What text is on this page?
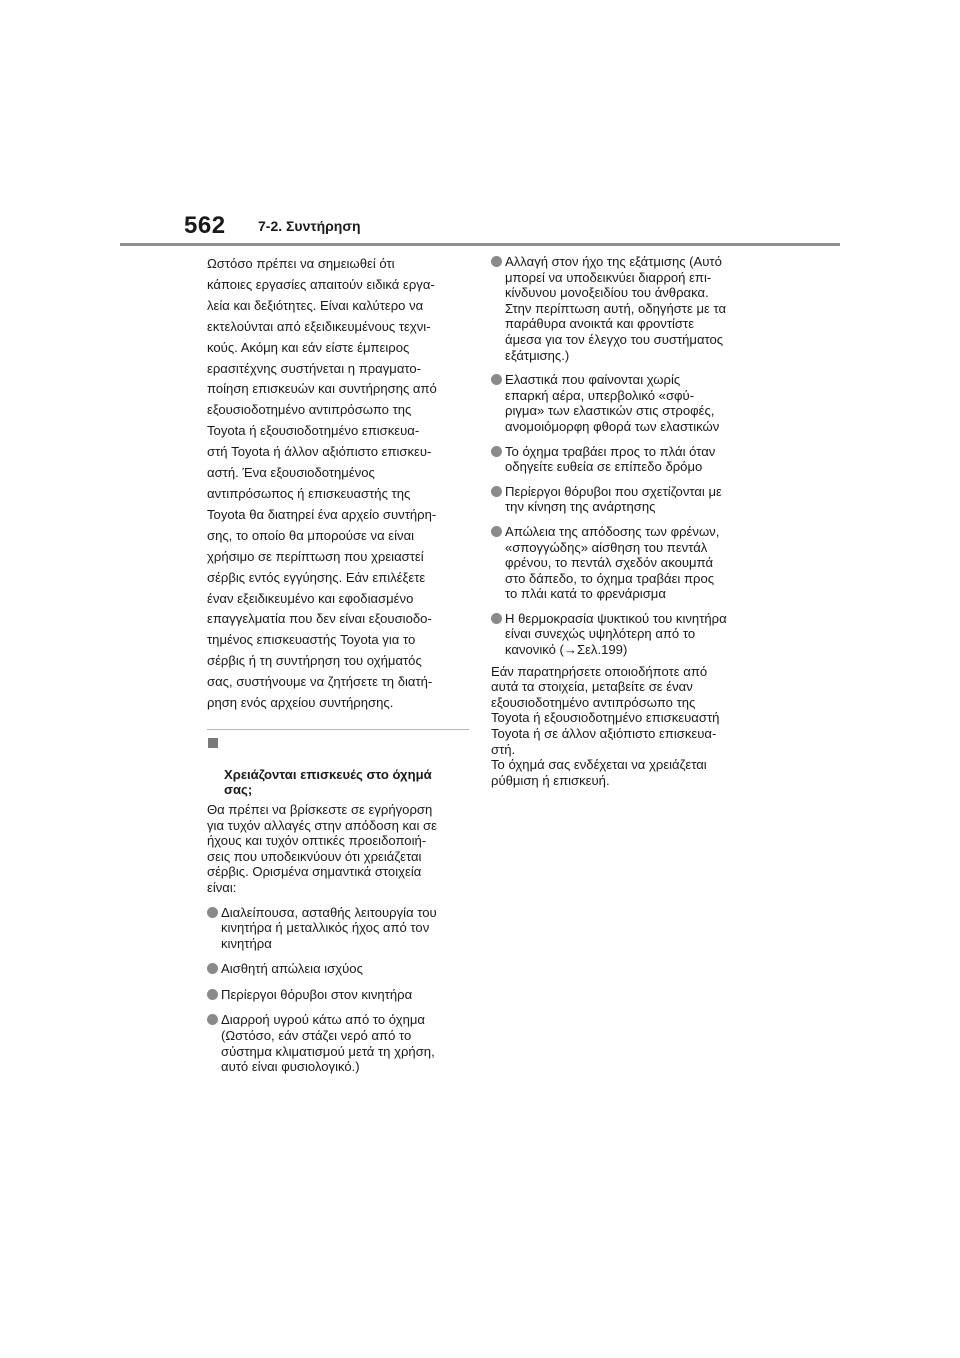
562 7-2. Συντήρηση

Ωστόσο πρέπει να σημειωθεί ότι
κάποιες εργασίες απαιτούν ειδικά εργα-
λεία και δεξιότητες. Είναι καλύτερο να
εκτελούνται από εξειδικευμένους τεχνι-
κούς. Ακόμη και εάν είστε έμπειρος
ερασιτέχνης συστήνεται η πραγματο-
ποίηση επισκευών και συντήρησης από
εξουσιοδοτημένο αντιπρόσωπο της
Toyota ή εξουσιοδοτημένο επισκευα-
στή Toyota ή άλλον αξιόπιστο επισκευ-
αστή. Ένα εξουσιοδοτημένος
αντιπρόσωπος ή επισκευαστής της
Toyota θα διατηρεί ένα αρχείο συντήρη-
σης, το οποίο θα μπορούσε να είναι
χρήσιμο σε περίπτωση που χρειαστεί
σέρβις εντός εγγύησης. Εάν επιλέξετε
έναν εξειδικευμένο και εφοδιασμένο
επαγγελματία που δεν είναι εξουσιοδο-
τημένος επισκευαστής Toyota για το
σέρβις ή τη συντήρηση του οχήματός
σας, συστήνουμε να ζητήσετε τη διατή-
ρηση ενός αρχείου συντήρησης.

Χρειάζονται επισκευές στο όχημά
σας;

Θα πρέπει να βρίσκεστε σε εγρήγορση
για τυχόν αλλαγές στην απόδοση και σε
ήχους και τυχόν οπτικές προειδοποιή-
σεις που υποδεικνύουν ότι χρειάζεται
σέρβις. Ορισμένα σημαντικά στοιχεία
είναι:

Διαλείπουσα, ασταθής λειτουργία του
κινητήρα ή μεταλλικός ήχος από τον
κινητήρα
Αισθητή απώλεια ισχύος
Περίεργοι θόρυβοι στον κινητήρα
Διαρροή υγρού κάτω από το όχημα
(Ωστόσο, εάν στάζει νερό από το
σύστημα κλιματισμού μετά τη χρήση,
αυτό είναι φυσιολογικό.)
Αλλαγή στον ήχο της εξάτμισης (Αυτό
μπορεί να υποδεικνύει διαρροή επι-
κίνδυνου μονοξειδίου του άνθρακα.
Στην περίπτωση αυτή, οδηγήστε με τα
παράθυρα ανοικτά και φροντίστε
άμεσα για τον έλεγχο του συστήματος
εξάτμισης.)
Ελαστικά που φαίνονται χωρίς
επαρκή αέρα, υπερβολικό «σφύ-
ριγμα» των ελαστικών στις στροφές,
ανομοιόμορφη φθορά των ελαστικών
Το όχημα τραβάει προς το πλάι όταν
οδηγείτε ευθεία σε επίπεδο δρόμο
Περίεργοι θόρυβοι που σχετίζονται με
την κίνηση της ανάρτησης
Απώλεια της απόδοσης των φρένων,
«σπογγώδης» αίσθηση του πεντάλ
φρένου, το πεντάλ σχεδόν ακουμπά
στο δάπεδο, το όχημα τραβάει προς
το πλάι κατά το φρενάρισμα
Η θερμοκρασία ψυκτικού του κινητήρα
είναι συνεχώς υψηλότερη από το
κανονικό (→Σελ.199)

Εάν παρατηρήσετε οποιοδήποτε από
αυτά τα στοιχεία, μεταβείτε σε έναν
εξουσιοδοτημένο αντιπρόσωπο της
Toyota ή εξουσιοδοτημένο επισκευαστή
Toyota ή σε άλλον αξιόπιστο επισκευα-
στή.
Το όχημά σας ενδέχεται να χρειάζεται
ρύθμιση ή επισκευή.
